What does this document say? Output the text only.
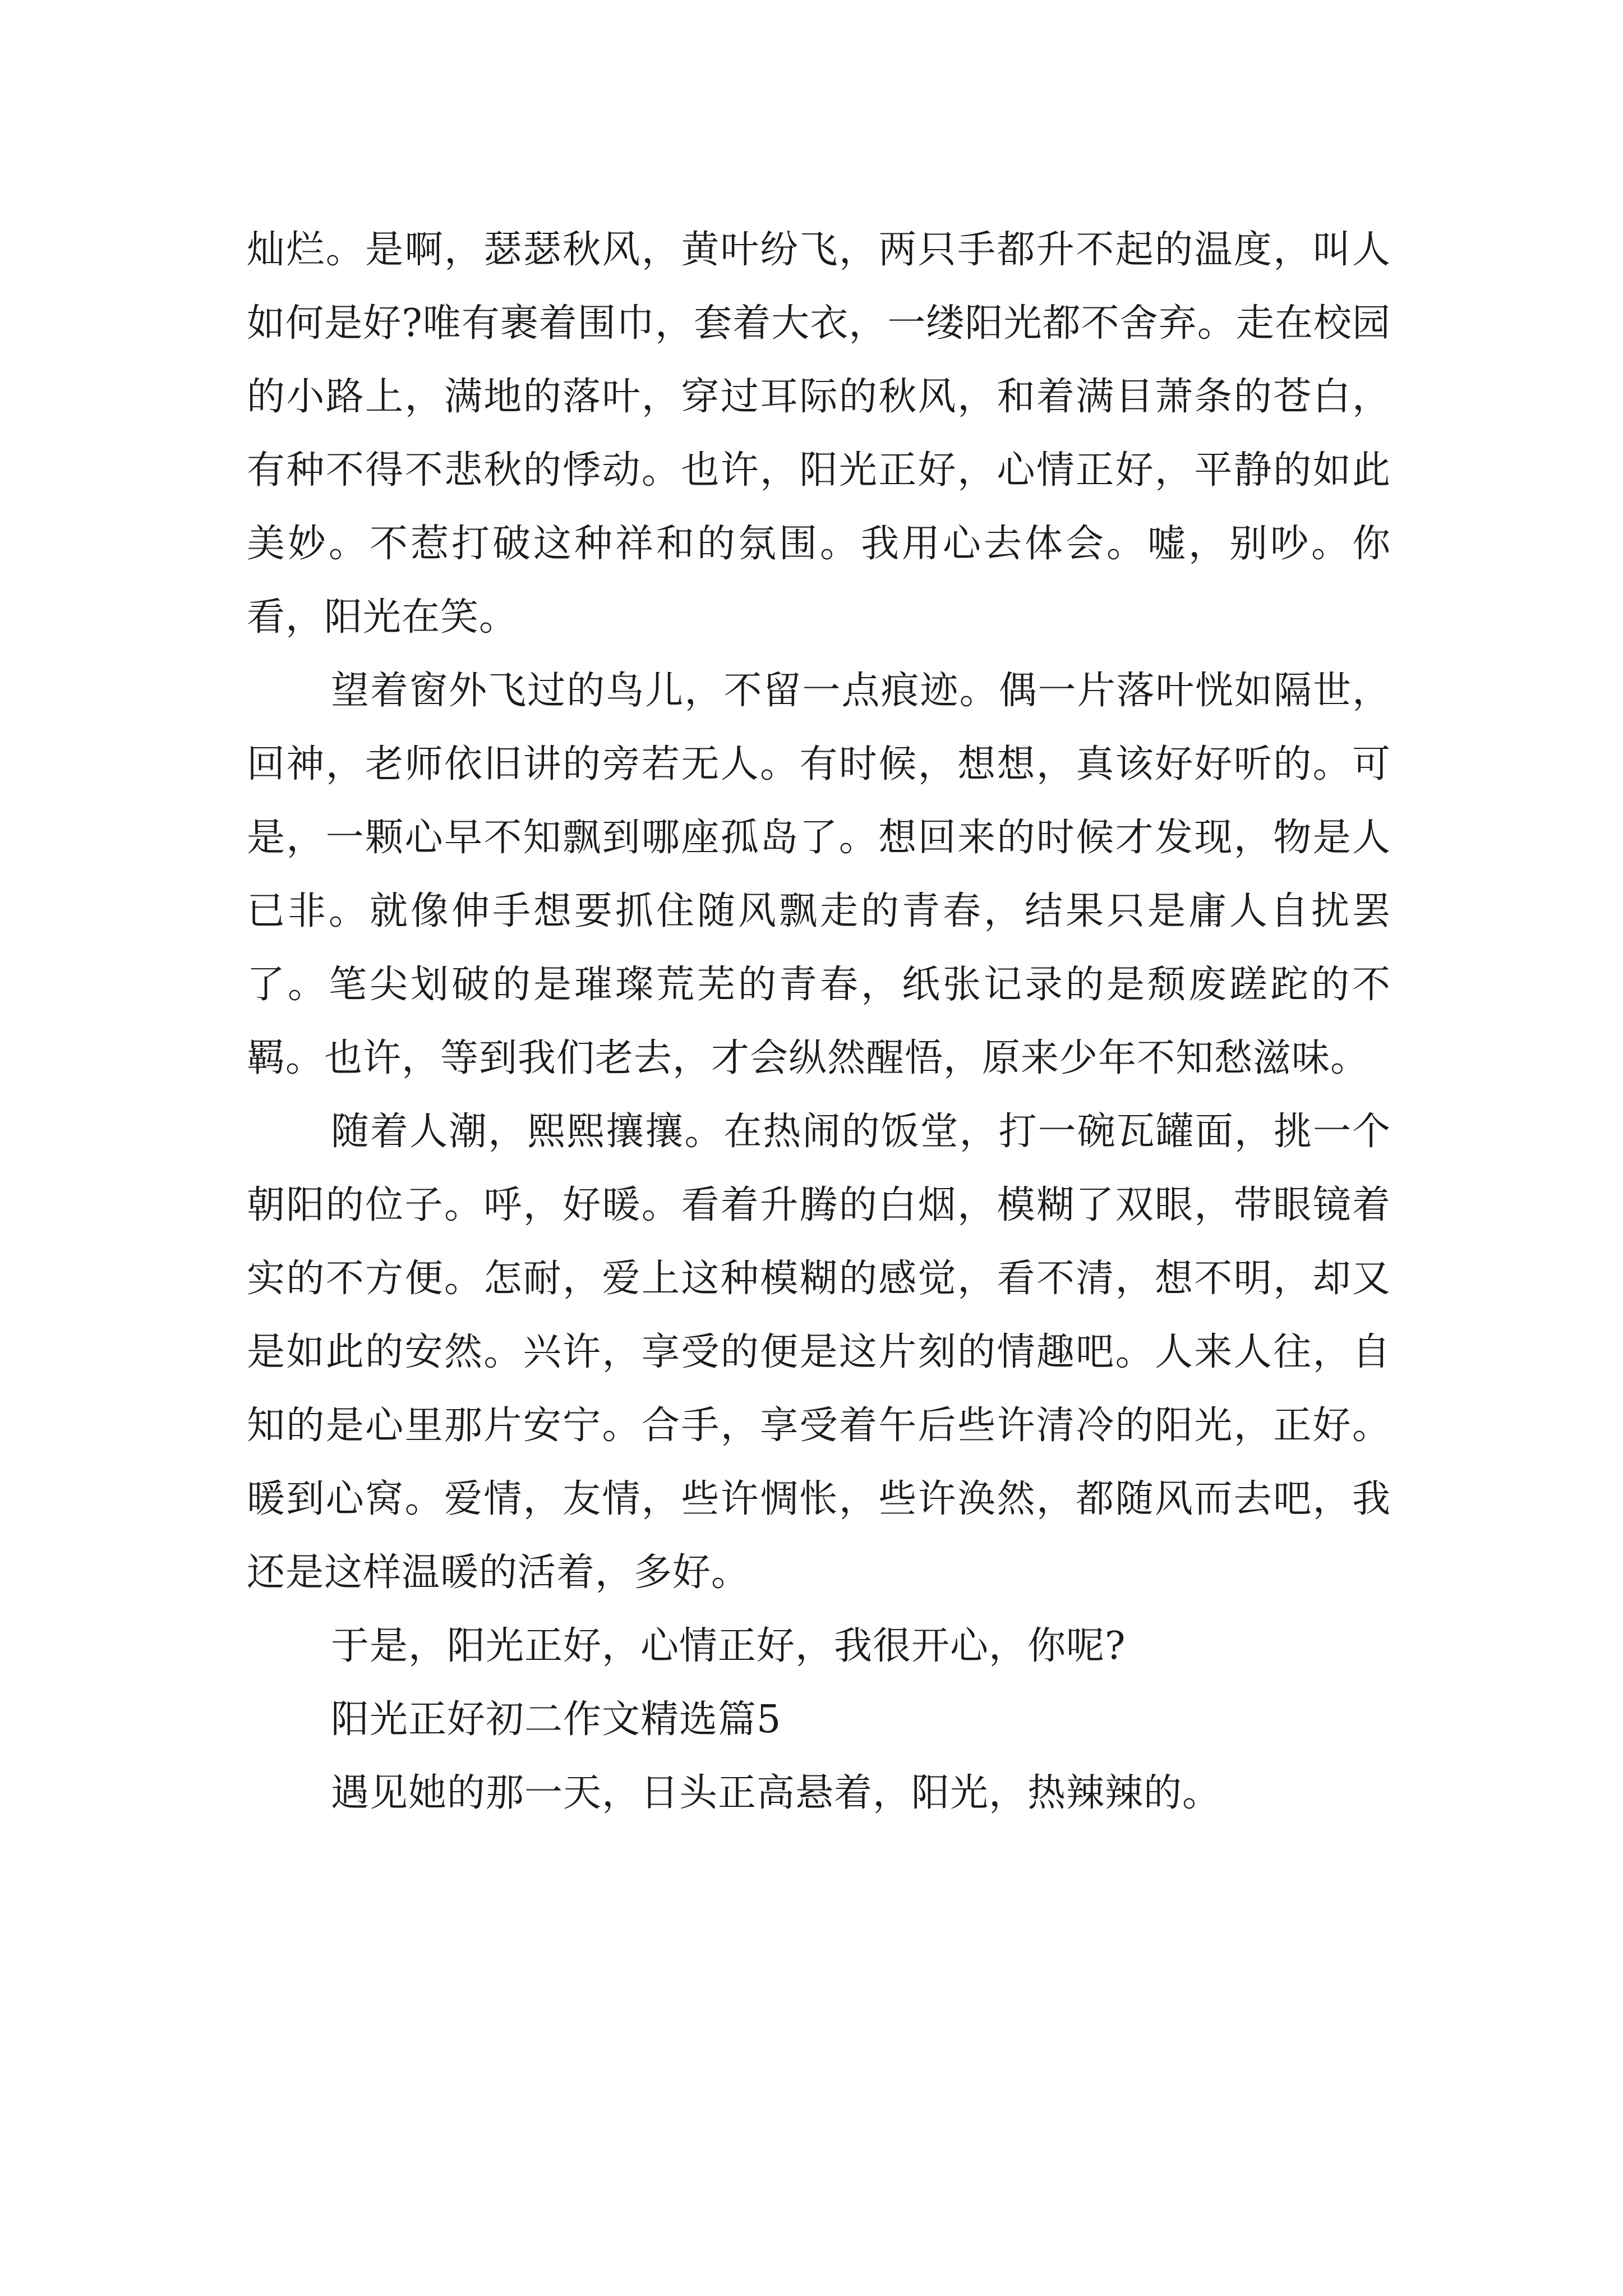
灿烂。是啊，瑟瑟秋风，黄叶纷飞，两只手都升不起的温度，叫人如何是好?唯有裹着围巾，套着大衣，一缕阳光都不舍弃。走在校园的小路上，满地的落叶，穿过耳际的秋风，和着满目萧条的苍白，有种不得不悲秋的悸动。也许，阳光正好，心情正好，平静的如此美妙。不惹打破这种祥和的氛围。我用心去体会。嘘，别吵。你看，阳光在笑。

望着窗外飞过的鸟儿，不留一点痕迹。偶一片落叶恍如隔世，回神，老师依旧讲的旁若无人。有时候，想想，真该好好听的。可是，一颗心早不知飘到哪座孤岛了。想回来的时候才发现，物是人已非。就像伸手想要抓住随风飘走的青春，结果只是庸人自扰罢了。笔尖划破的是璀璨荒芜的青春，纸张记录的是颓废蹉跎的不羁。也许，等到我们老去，才会纵然醒悟，原来少年不知愁滋味。

随着人潮，熙熙攘攘。在热闹的饭堂，打一碗瓦罐面，挑一个朝阳的位子。呼，好暖。看着升腾的白烟，模糊了双眼，带眼镜着实的不方便。怎耐，爱上这种模糊的感觉，看不清，想不明，却又是如此的安然。兴许，享受的便是这片刻的情趣吧。人来人往，自知的是心里那片安宁。合手，享受着午后些许清冷的阳光，正好。暖到心窝。爱情，友情，些许惆怅，些许涣然，都随风而去吧，我还是这样温暖的活着，多好。

于是，阳光正好，心情正好，我很开心，你呢?

阳光正好初二作文精选篇5

遇见她的那一天，日头正高悬着，阳光，热辣辣的。
